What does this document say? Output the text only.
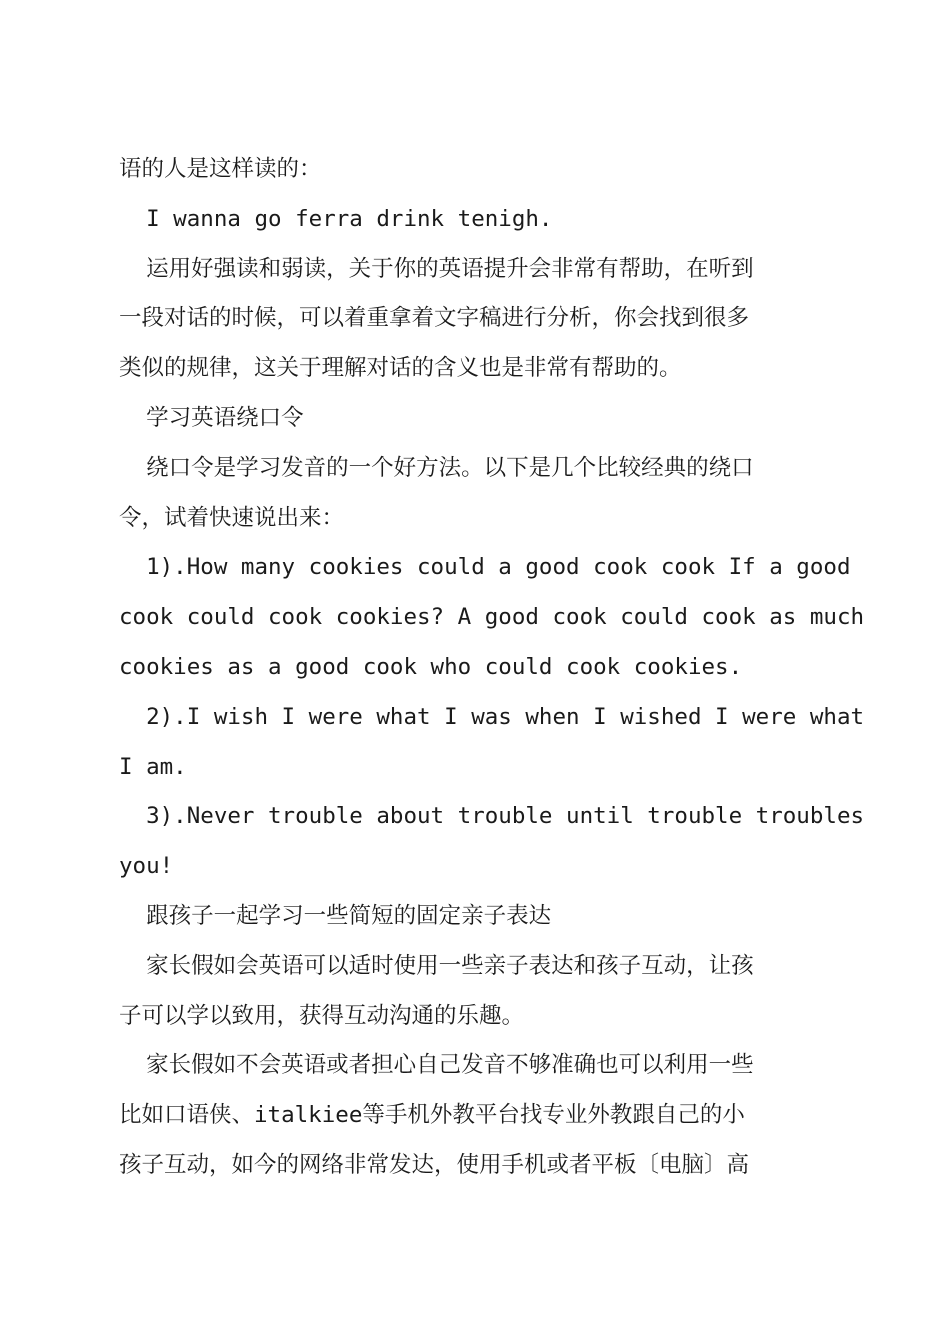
语的人是这样读的：
I wanna go ferra drink tenigh.
运用好强读和弱读，关于你的英语提升会非常有帮助，在听到
一段对话的时候，可以着重拿着文字稿进行分析，你会找到很多
类似的规律，这关于理解对话的含义也是非常有帮助的。
学习英语绕口令
绕口令是学习发音的一个好方法。以下是几个比较经典的绕口
令，试着快速说出来：
1).How many cookies could a good cook cook If a good
cook could cook cookies? A good cook could cook as much
cookies as a good cook who could cook cookies.
2).I wish I were what I was when I wished I were what
I am.
3).Never trouble about trouble until trouble troubles
you!
跟孩子一起学习一些简短的固定亲子表达
家长假如会英语可以适时使用一些亲子表达和孩子互动，让孩
子可以学以致用，获得互动沟通的乐趣。
家长假如不会英语或者担心自己发音不够准确也可以利用一些
比如口语侠、italkiee等手机外教平台找专业外教跟自己的小
孩子互动，如今的网络非常发达，使用手机或者平板〔电脑〕高
